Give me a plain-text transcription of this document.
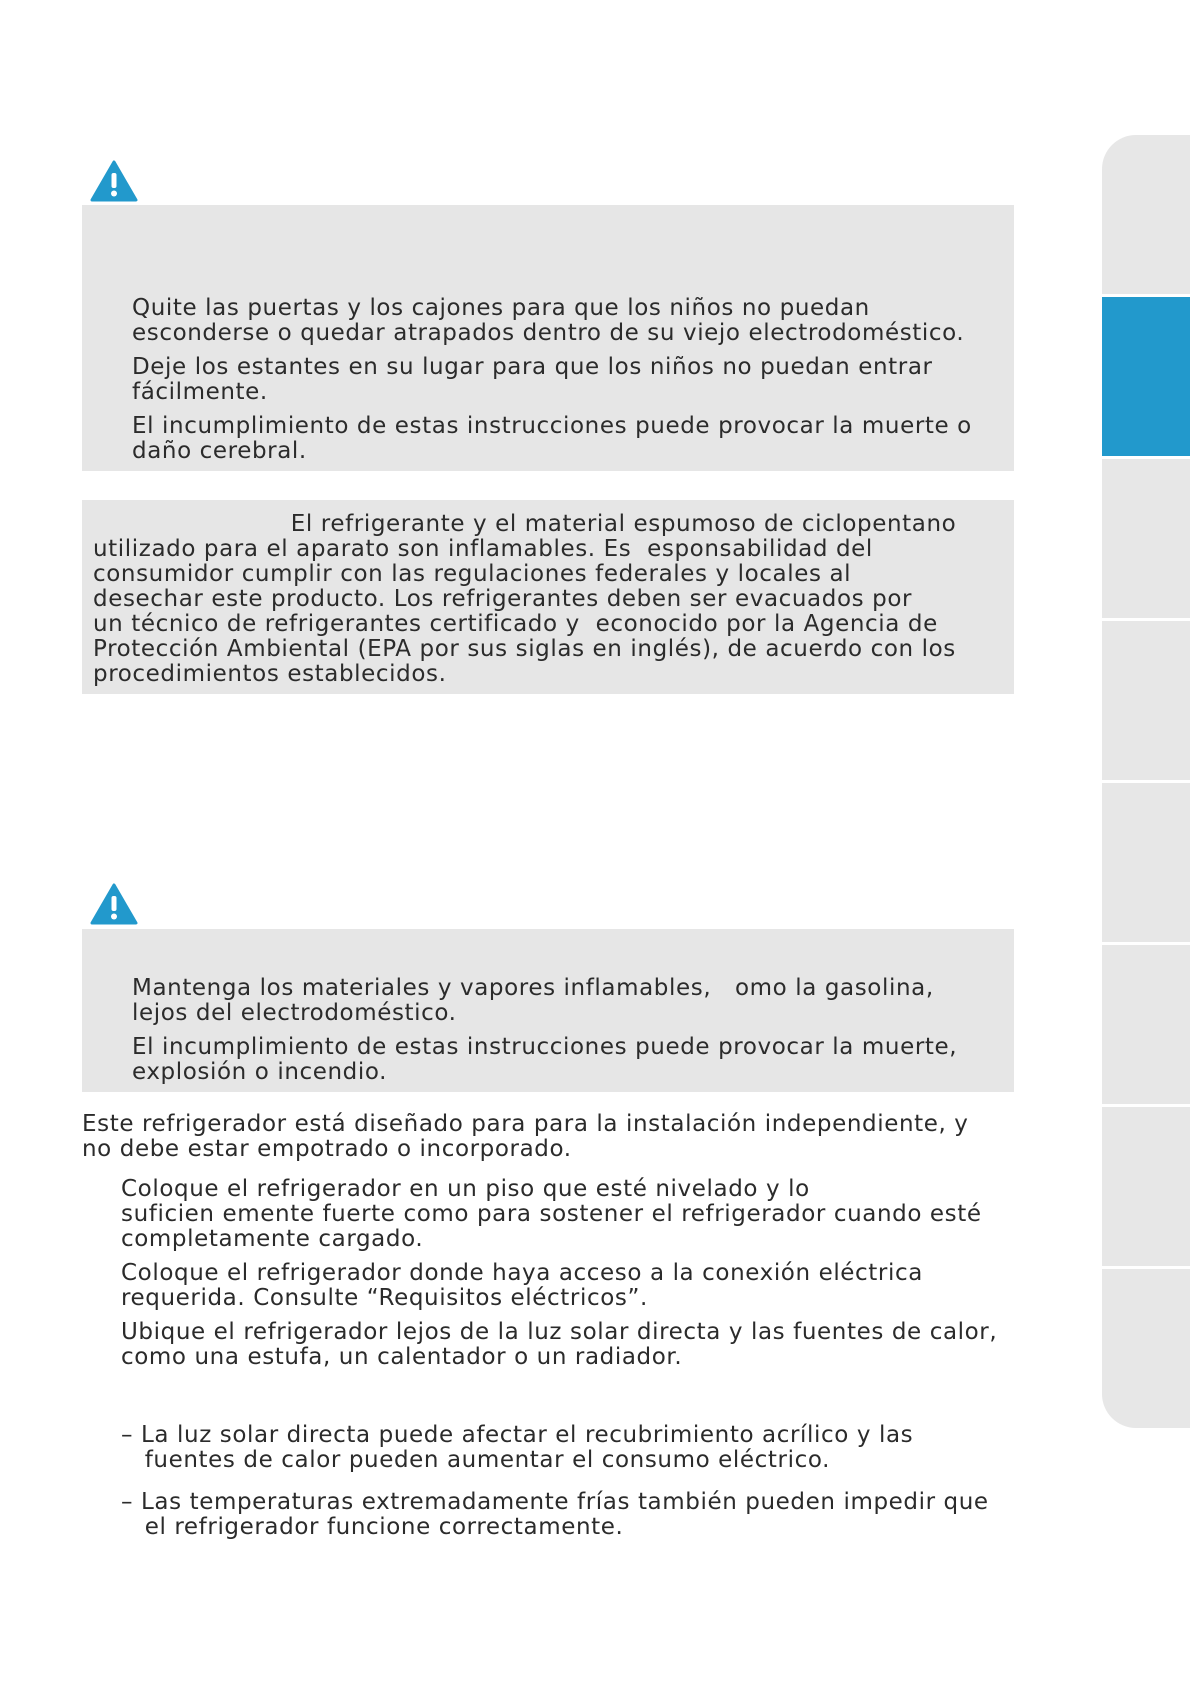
Quite las puertas y los cajones para que los niños no puedan
esconderse o quedar atrapados dentro de su viejo electrodoméstico.

Deje los estantes en su lugar para que los niños no puedan entrar
fácilmente.

El incumplimiento de estas instrucciones puede provocar la muerte o
daño cerebral.

El refrigerante y el material espumoso de ciclopentano
utilizado para el aparato son inflamables. Es  esponsabilidad del
consumidor cumplir con las regulaciones federales y locales al
desechar este producto. Los refrigerantes deben ser evacuados por
un técnico de refrigerantes certificado y  econocido por la Agencia de
Protección Ambiental (EPA por sus siglas en inglés), de acuerdo con los
procedimientos establecidos.

Mantenga los materiales y vapores inflamables,   omo la gasolina,
lejos del electrodoméstico.

El incumplimiento de estas instrucciones puede provocar la muerte,
explosión o incendio.

Este refrigerador está diseñado para para la instalación independiente, y
no debe estar empotrado o incorporado.

Coloque el refrigerador en un piso que esté nivelado y lo
suficien emente fuerte como para sostener el refrigerador cuando esté
completamente cargado.

Coloque el refrigerador donde haya acceso a la conexión eléctrica
requerida. Consulte “Requisitos eléctricos”.

Ubique el refrigerador lejos de la luz solar directa y las fuentes de calor,
como una estufa, un calentador o un radiador.

– La luz solar directa puede afectar el recubrimiento acrílico y las
fuentes de calor pueden aumentar el consumo eléctrico.

– Las temperaturas extremadamente frías también pueden impedir que
el refrigerador funcione correctamente.
